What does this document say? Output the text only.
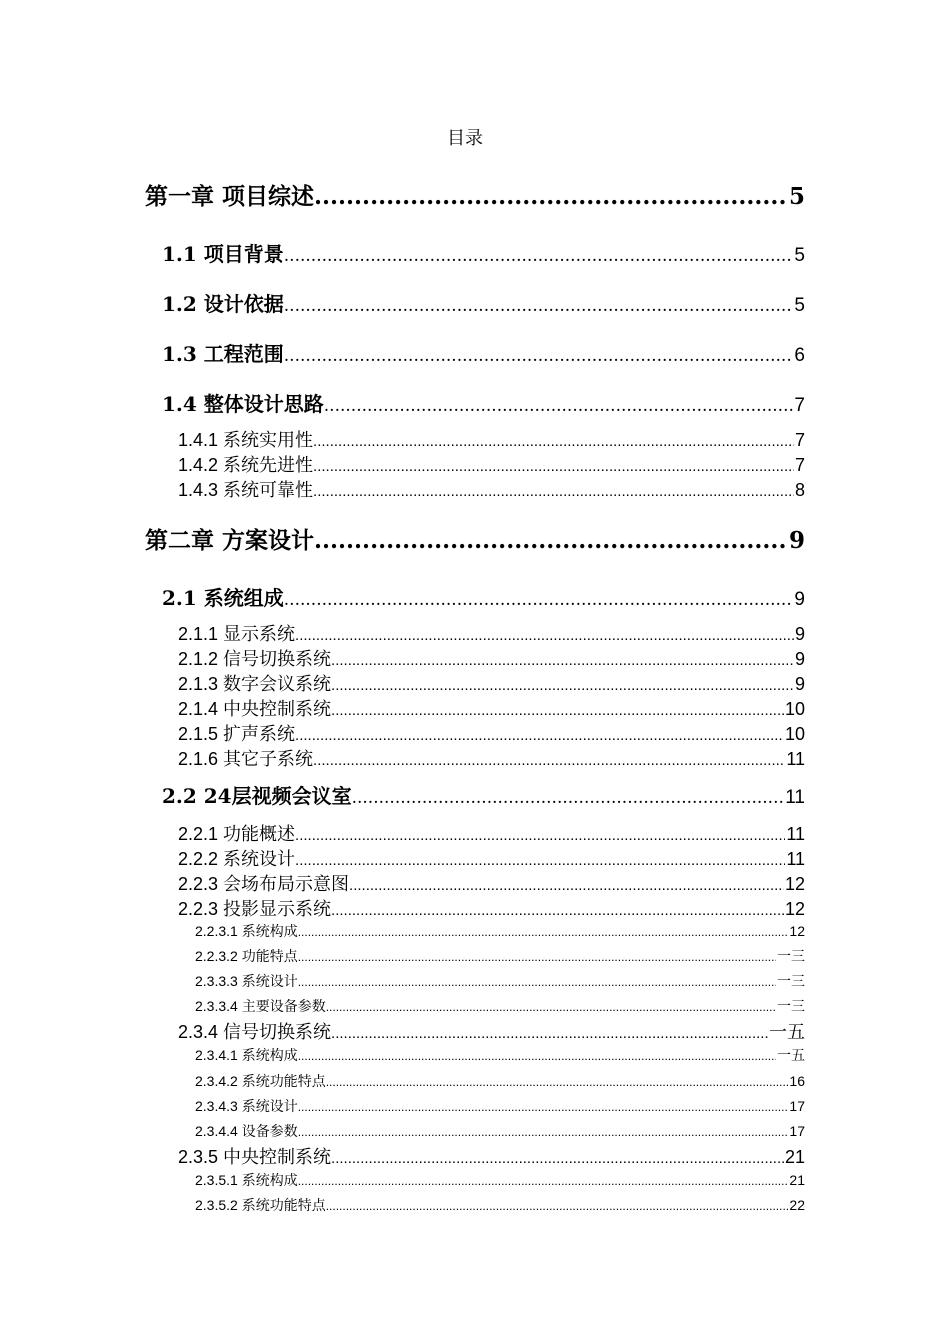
目录
第一章 项目综述 .....	5
1.1 项目背景 .....	5
1.2 设计依据 .....	5
1.3 工程范围 .....	6
1.4 整体设计思路 .....	7
1.4.1 系统实用性 .....	7
1.4.2 系统先进性 .....	7
1.4.3 系统可靠性 .....	8
第二章 方案设计 .....	9
2.1 系统组成 .....	9
2.1.1 显示系统 .....	9
2.1.2 信号切换系统 .....	9
2.1.3 数字会议系统 .....	9
2.1.4 中央控制系统 .....	10
2.1.5 扩声系统 .....	10
2.1.6 其它子系统 .....	11
2.2 24层视频会议室 .....	11
2.2.1 功能概述 .....	11
2.2.2 系统设计 .....	11
2.2.3 会场布局示意图 .....	12
2.2.3 投影显示系统 .....	12
2.2.3.1 系统构成 .....	12
2.2.3.2 功能特点 .....	一三
2.3.3.3 系统设计 .....	一三
2.3.3.4 主要设备参数 .....	一三
2.3.4 信号切换系统 .....	一五
2.3.4.1 系统构成 .....	一五
2.3.4.2 系统功能特点 .....	16
2.3.4.3 系统设计 .....	17
2.3.4.4 设备参数 .....	17
2.3.5 中央控制系统 .....	21
2.3.5.1 系统构成 .....	21
2.3.5.2 系统功能特点 .....	22
